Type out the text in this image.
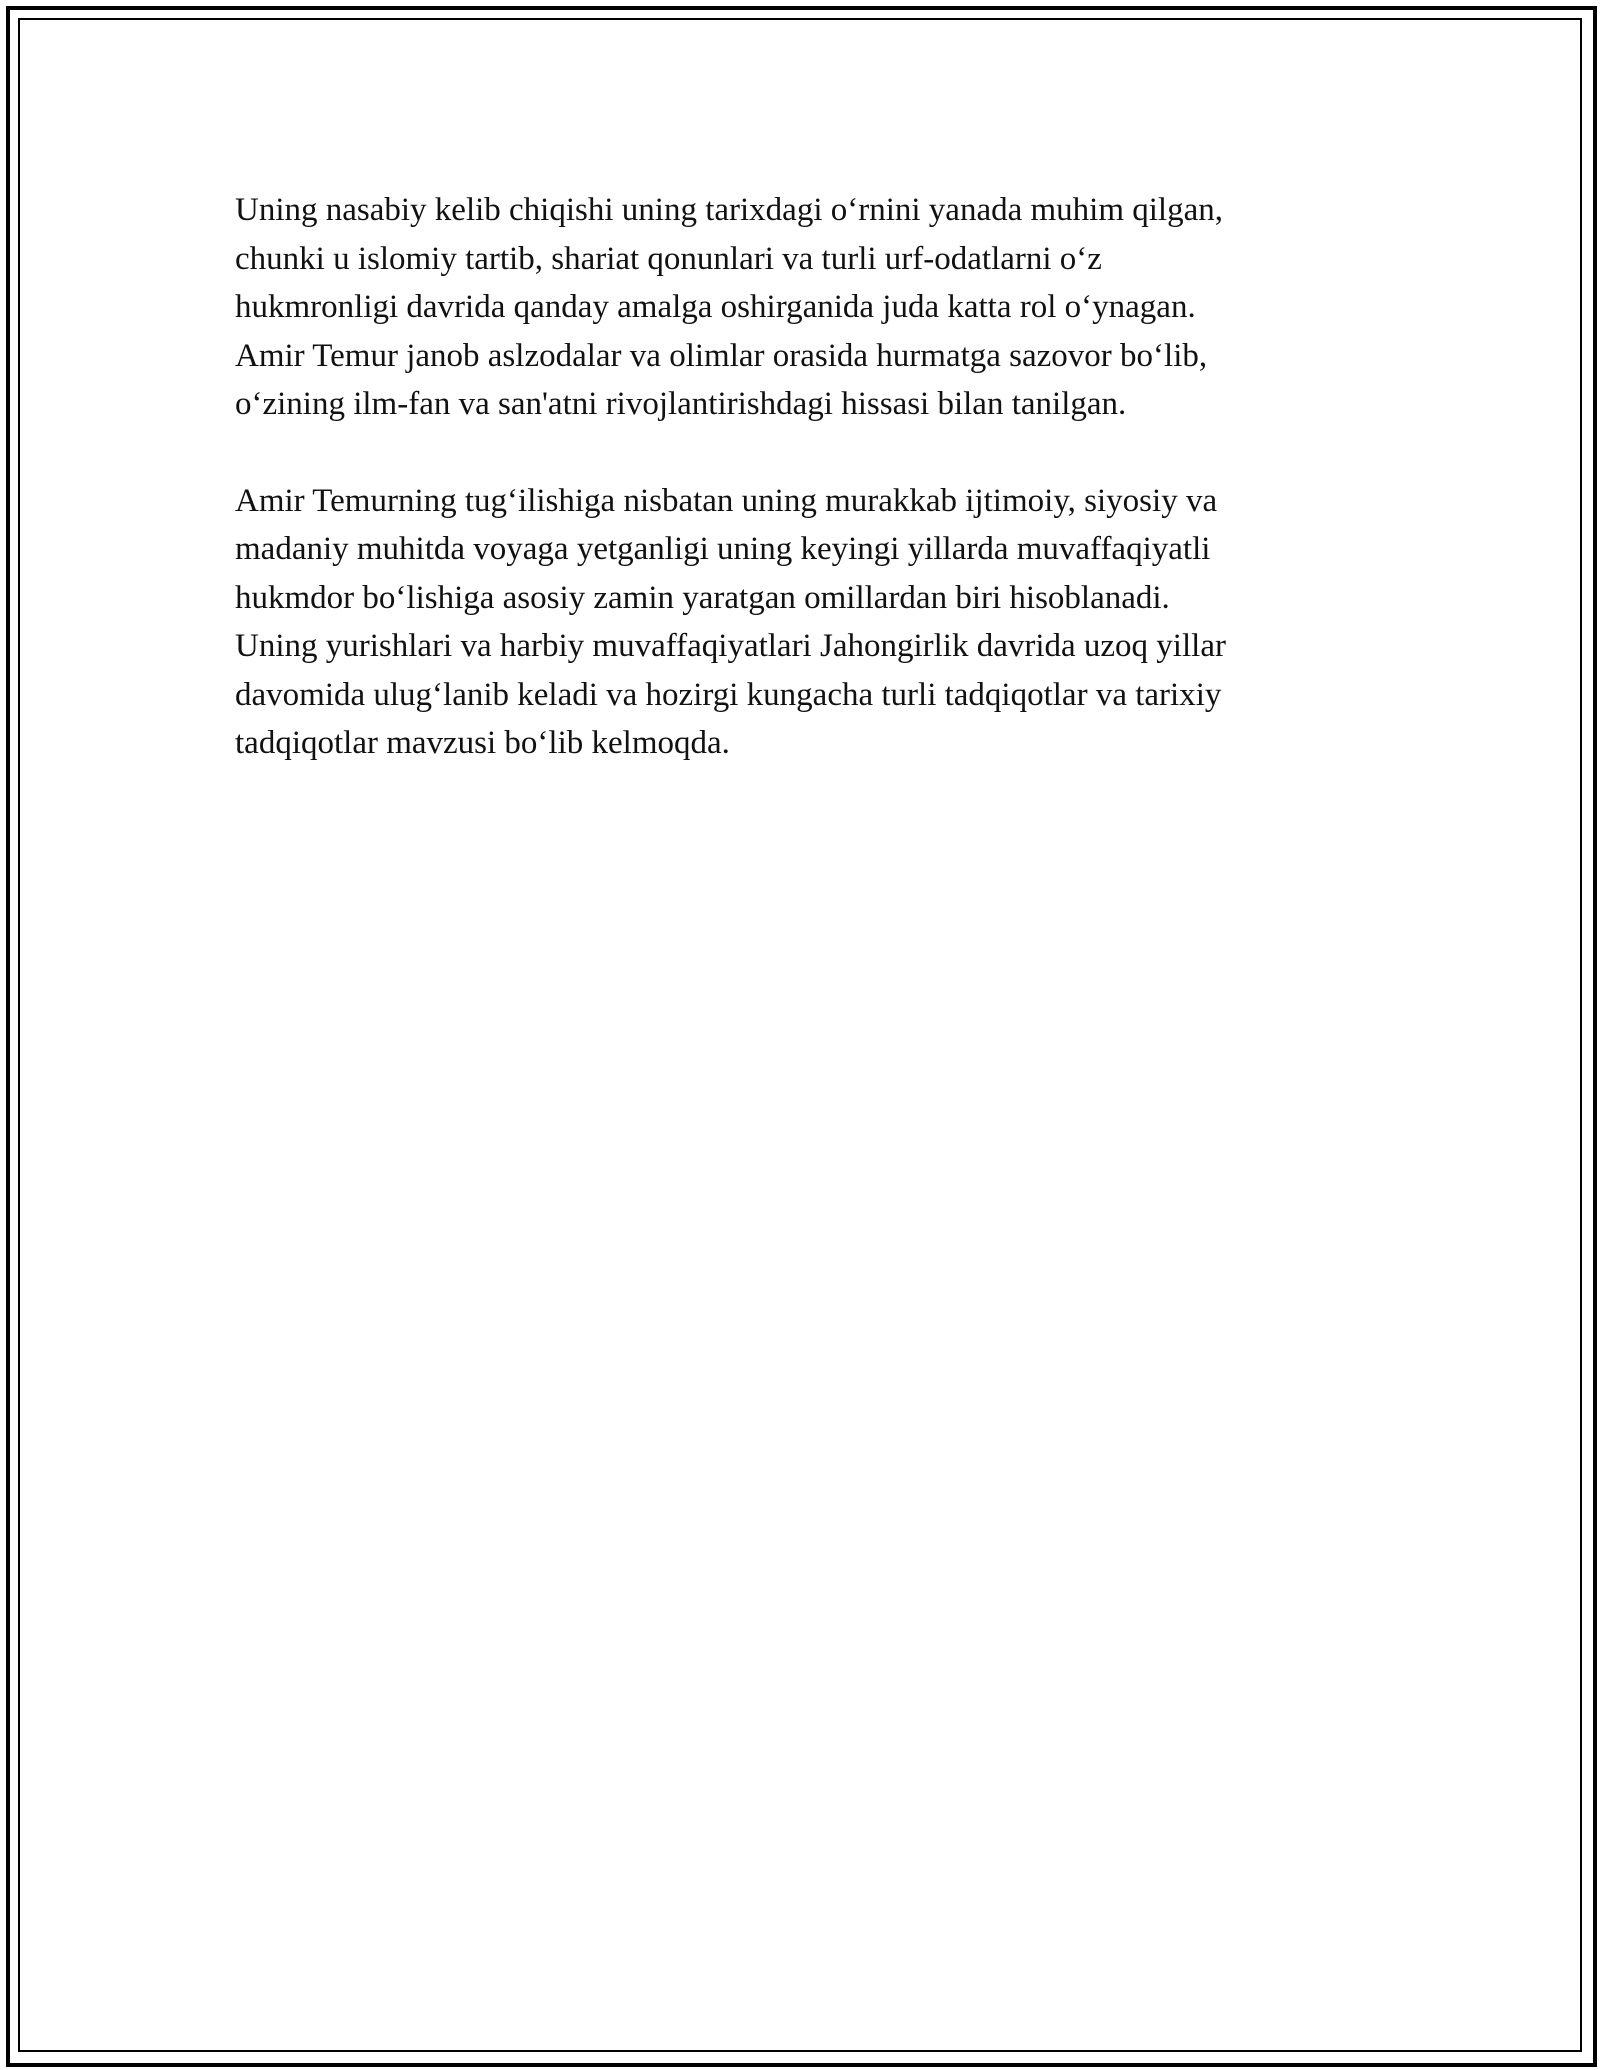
Uning nasabiy kelib chiqishi uning tarixdagi o‘rnini yanada muhim qilgan,
chunki u islomiy tartib, shariat qonunlari va turli urf-odatlarni o‘z
hukmronligi davrida qanday amalga oshirganida juda katta rol o‘ynagan.
Amir Temur janob aslzodalar va olimlar orasida hurmatga sazovor bo‘lib,
o‘zining ilm-fan va san'atni rivojlantirishdagi hissasi bilan tanilgan.

Amir Temurning tug‘ilishiga nisbatan uning murakkab ijtimoiy, siyosiy va
madaniy muhitda voyaga yetganligi uning keyingi yillarda muvaffaqiyatli
hukmdor bo‘lishiga asosiy zamin yaratgan omillardan biri hisoblanadi.
Uning yurishlari va harbiy muvaffaqiyatlari Jahongirlik davrida uzoq yillar
davomida ulug‘lanib keladi va hozirgi kungacha turli tadqiqotlar va tarixiy
tadqiqotlar mavzusi bo‘lib kelmoqda.
